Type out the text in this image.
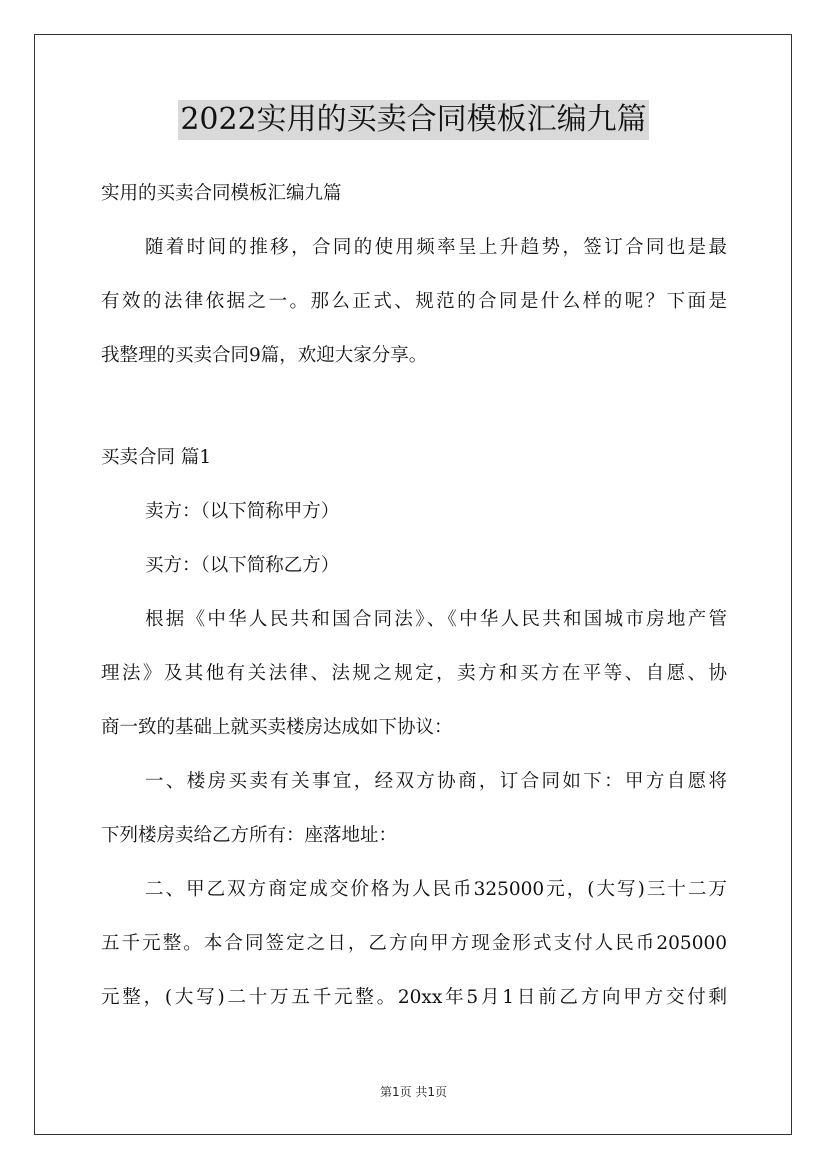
2022实用的买卖合同模板汇编九篇
实用的买卖合同模板汇编九篇
随着时间的推移，合同的使用频率呈上升趋势，签订合同也是最
有效的法律依据之一。那么正式、规范的合同是什么样的呢？下面是
我整理的买卖合同9篇，欢迎大家分享。
买卖合同 篇1
卖方：（以下简称甲方）
买方：（以下简称乙方）
根据《中华人民共和国合同法》、《中华人民共和国城市房地产管
理法》及其他有关法律、法规之规定，卖方和买方在平等、自愿、协
商一致的基础上就买卖楼房达成如下协议：
一、楼房买卖有关事宜，经双方协商，订合同如下：甲方自愿将
下列楼房卖给乙方所有：座落地址：
二、甲乙双方商定成交价格为人民币325000元，(大写)三十二万
五千元整。本合同签定之日，乙方向甲方现金形式支付人民币205000
元整，(大写)二十万五千元整。20xx年5月1日前乙方向甲方交付剩
第1页 共1页
